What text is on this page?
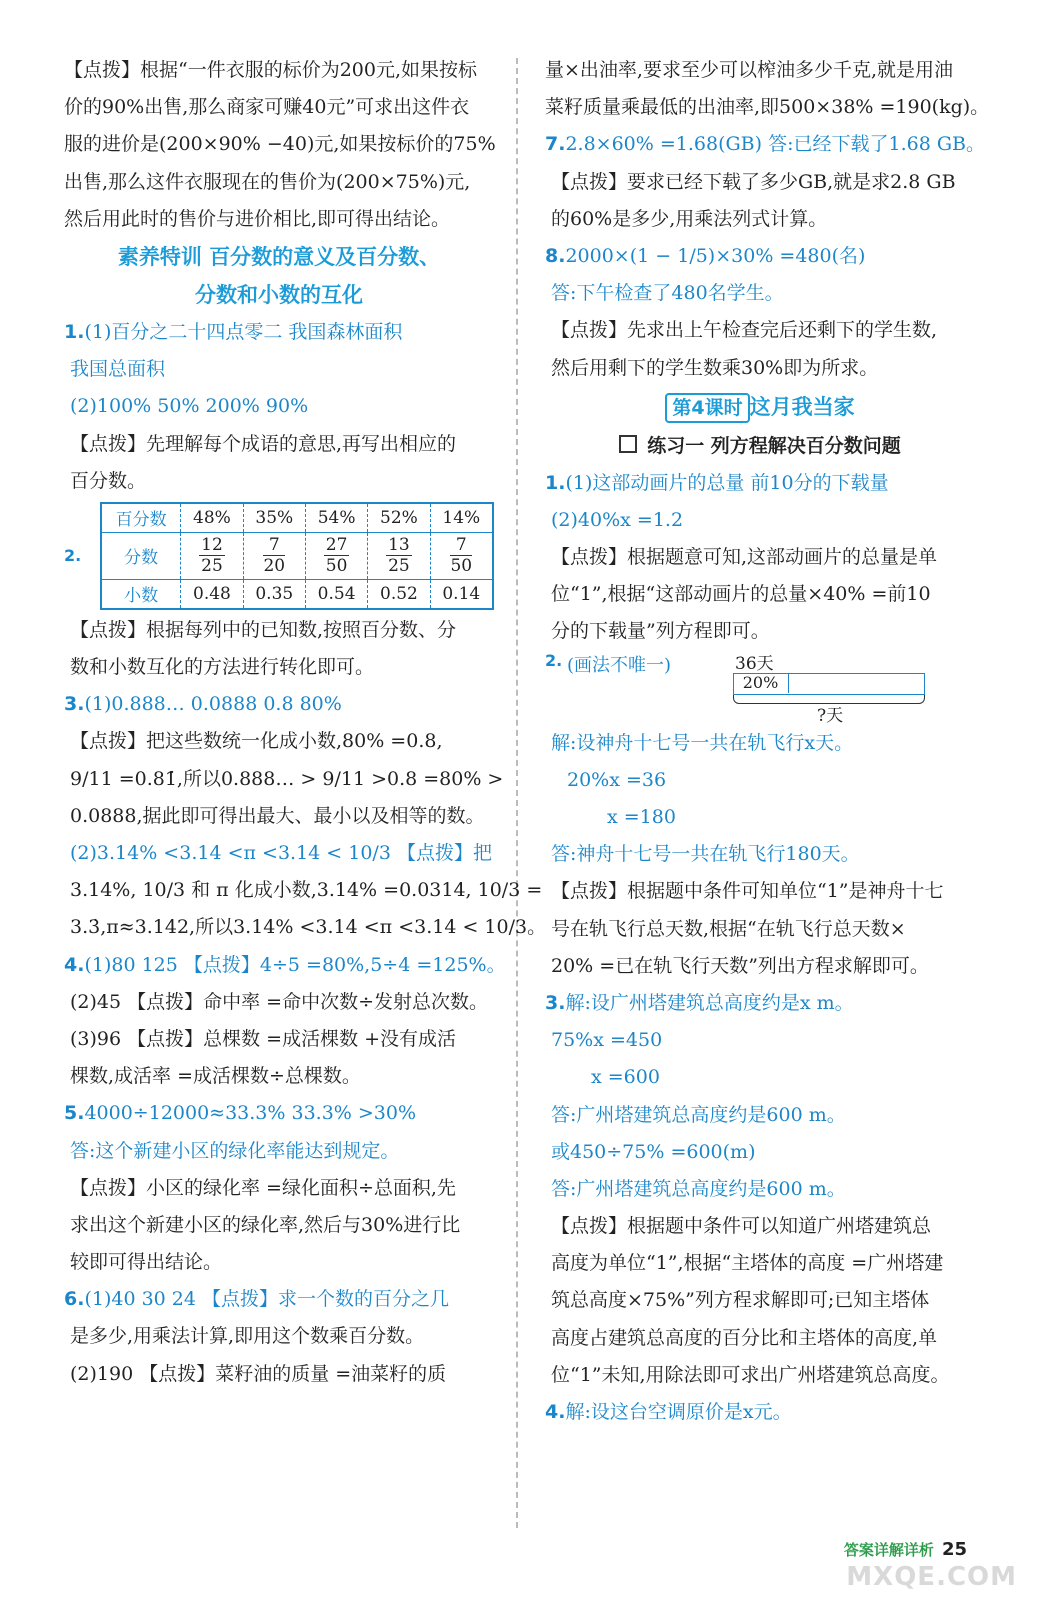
【点拨】根据“一件衣服的标价为200元,如果按标
价的90%出售,那么商家可赚40元”可求出这件衣
服的进价是(200×90% −40)元,如果按标价的75%
出售,那么这件衣服现在的售价为(200×75%)元,
然后用此时的售价与进价相比,即可得出结论。
素养特训 百分数的意义及百分数、
分数和小数的互化
1.(1)百分之二十四点零二 我国森林面积
我国总面积
(2)100% 50% 200% 90%
【点拨】先理解每个成语的意思,再写出相应的
百分数。
2.
百分数	48%	35%	54%	52%	14%
分数	$\frac{12}{25}$	$\frac{7}{20}$	$\frac{27}{50}$	$\frac{13}{25}$	$\frac{7}{50}$

小数	0.48	0.35	0.54	0.52	0.14
【点拨】根据每列中的已知数,按照百分数、分
数和小数互化的方法进行转化即可。
3.(1)0.888… 0.0888 0.8 80%
【点拨】把这些数统一化成小数,80% =0.8,
9/11 =0.81̇,所以0.888… > 9/11 >0.8 =80% >
0.0888,据此即可得出最大、最小以及相等的数。
(2)3.14% <3.14 <π <3.14̇ < 10/3 【点拨】把
3.14%, 10/3 和 π 化成小数,3.14% =0.0314, 10/3 =
3.3̇,π≈3.142,所以3.14% <3.14 <π <3.14̇ < 10/3。
4.(1)80 125 【点拨】4÷5 =80%,5÷4 =125%。
(2)45 【点拨】命中率 =命中次数÷发射总次数。
(3)96 【点拨】总棵数 =成活棵数 +没有成活
棵数,成活率 =成活棵数÷总棵数。
5.4000÷12000≈33.3% 33.3% >30%
答:这个新建小区的绿化率能达到规定。
【点拨】小区的绿化率 =绿化面积÷总面积,先
求出这个新建小区的绿化率,然后与30%进行比
较即可得出结论。
6.(1)40 30 24 【点拨】求一个数的百分之几
是多少,用乘法计算,即用这个数乘百分数。
(2)190 【点拨】菜籽油的质量 =油菜籽的质
量×出油率,要求至少可以榨油多少千克,就是用油
菜籽质量乘最低的出油率,即500×38% =190(kg)。
7.2.8×60% =1.68(GB) 答:已经下载了1.68 GB。
【点拨】要求已经下载了多少GB,就是求2.8 GB
的60%是多少,用乘法列式计算。
8.2000×(1 − 1/5)×30% =480(名)
答:下午检查了480名学生。
【点拨】先求出上午检查完后还剩下的学生数,
然后用剩下的学生数乘30%即为所求。
第4课时 这月我当家
练习一 列方程解决百分数问题
1.(1)这部动画片的总量 前10分的下载量
(2)40%x =1.2
【点拨】根据题意可知,这部动画片的总量是单
位“1”,根据“这部动画片的总量×40% =前10
分的下载量”列方程即可。
2. (画法不唯一)	36天
20%
?天
解:设神舟十七号一共在轨飞行x天。
20%x =36
x =180
答:神舟十七号一共在轨飞行180天。
【点拨】根据题中条件可知单位“1”是神舟十七
号在轨飞行总天数,根据“在轨飞行总天数×
20% =已在轨飞行天数”列出方程求解即可。
3.解:设广州塔建筑总高度约是x m。
75%x =450
x =600
答:广州塔建筑总高度约是600 m。
或450÷75% =600(m)
答:广州塔建筑总高度约是600 m。
【点拨】根据题中条件可以知道广州塔建筑总
高度为单位“1”,根据“主塔体的高度 =广州塔建
筑总高度×75%”列方程求解即可;已知主塔体
高度占建筑总高度的百分比和主塔体的高度,单
位“1”未知,用除法即可求出广州塔建筑总高度。
4.解:设这台空调原价是x元。
答案详解详析 25
MXQE.COM
